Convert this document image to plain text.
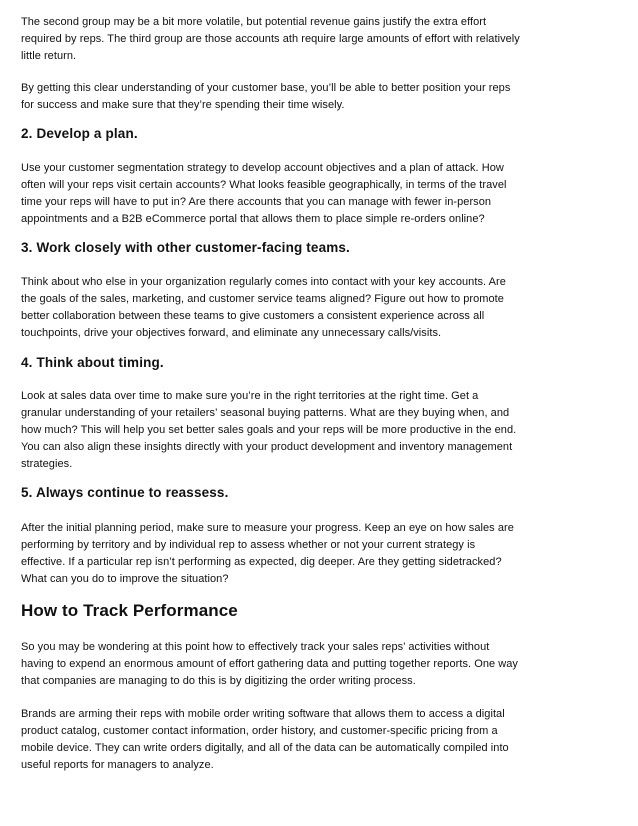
The second group may be a bit more volatile, but potential revenue gains justify the extra effort required by reps. The third group are those accounts ath require large amounts of effort with relatively little return.

By getting this clear understanding of your customer base, you’ll be able to better position your reps for success and make sure that they’re spending their time wisely.

2. Develop a plan.

Use your customer segmentation strategy to develop account objectives and a plan of attack. How often will your reps visit certain accounts? What looks feasible geographically, in terms of the travel time your reps will have to put in? Are there accounts that you can manage with fewer in-person appointments and a B2B eCommerce portal that allows them to place simple re-orders online?

3. Work closely with other customer-facing teams.

Think about who else in your organization regularly comes into contact with your key accounts. Are the goals of the sales, marketing, and customer service teams aligned? Figure out how to promote better collaboration between these teams to give customers a consistent experience across all touchpoints, drive your objectives forward, and eliminate any unnecessary calls/visits.

4. Think about timing.

Look at sales data over time to make sure you’re in the right territories at the right time. Get a granular understanding of your retailers’ seasonal buying patterns. What are they buying when, and how much? This will help you set better sales goals and your reps will be more productive in the end. You can also align these insights directly with your product development and inventory management strategies.

5. Always continue to reassess.

After the initial planning period, make sure to measure your progress. Keep an eye on how sales are performing by territory and by individual rep to assess whether or not your current strategy is effective. If a particular rep isn’t performing as expected, dig deeper. Are they getting sidetracked? What can you do to improve the situation?

How to Track Performance

So you may be wondering at this point how to effectively track your sales reps’ activities without having to expend an enormous amount of effort gathering data and putting together reports. One way that companies are managing to do this is by digitizing the order writing process.

Brands are arming their reps with mobile order writing software that allows them to access a digital product catalog, customer contact information, order history, and customer-specific pricing from a mobile device. They can write orders digitally, and all of the data can be automatically compiled into useful reports for managers to analyze.
